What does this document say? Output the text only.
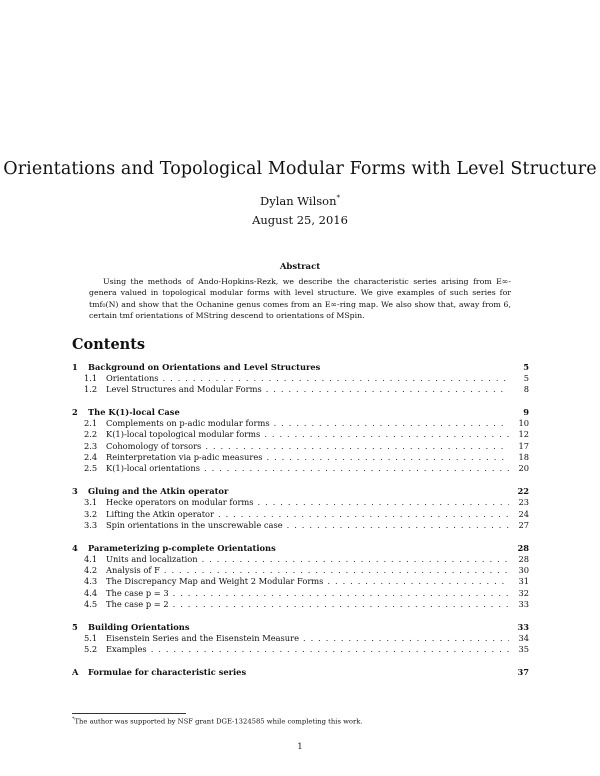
Orientations and Topological Modular Forms with Level Structure
Dylan Wilson*
August 25, 2016
Abstract

Using the methods of Ando-Hopkins-Rezk, we describe the characteristic series arising from E∞-genera valued in topological modular forms with level structure. We give examples of such series for tmf₀(N) and show that the Ochanine genus comes from an E∞-ring map. We also show that, away from 6, certain tmf orientations of MString descend to orientations of MSpin.

Contents
1	Background on Orientations and Level Structures	5
1.1	Orientations . . .	5
1.2	Level Structures and Modular Forms . . .	8
2	The K(1)-local Case	9
2.1	Complements on p-adic modular forms . . .	10
2.2	K(1)-local topological modular forms . . .	12
2.3	Cohomology of torsors . . .	17
2.4	Reinterpretation via p-adic measures . . .	18
2.5	K(1)-local orientations . . .	20
3	Gluing and the Atkin operator	22
3.1	Hecke operators on modular forms . . .	23
3.2	Lifting the Atkin operator . . .	24
3.3	Spin orientations in the unscrewable case . . .	27
4	Parameterizing p-complete Orientations	28
4.1	Units and localization . . .	28
4.2	Analysis of F . . .	30
4.3	The Discrepancy Map and Weight 2 Modular Forms . . .	31
4.4	The case p = 3 . . .	32
4.5	The case p = 2 . . .	33
5	Building Orientations	33
5.1	Eisenstein Series and the Eisenstein Measure . . .	34
5.2	Examples . . .	35
A	Formulae for characteristic series	37
*The author was supported by NSF grant DGE-1324585 while completing this work.
1
